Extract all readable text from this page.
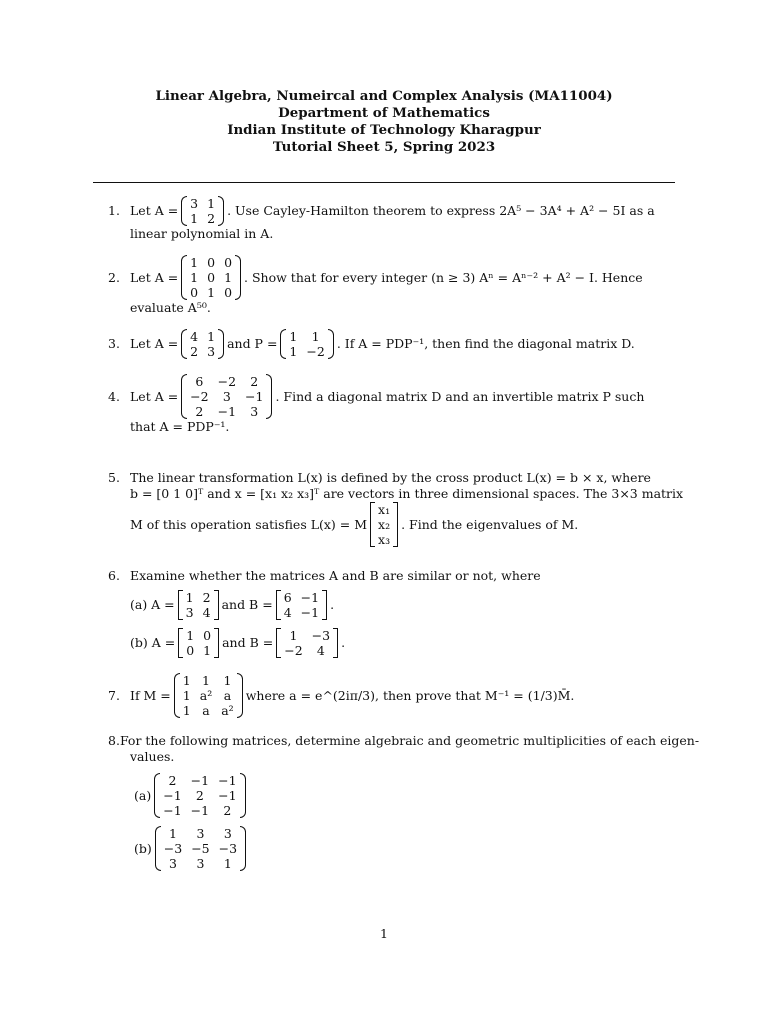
Linear Algebra, Numeircal and Complex Analysis (MA11004)
Department of Mathematics
Indian Institute of Technology Kharagpur
Tutorial Sheet 5, Spring 2023
1. Let A = 3 1
1 2
. Use Cayley-Hamilton theorem to express 2A⁵ − 3A⁴ + A² − 5I as a
linear polynomial in A.
2. Let A =
1 0 0
1 0 1
0 1 0
. Show that for every integer (n ≥ 3) Aⁿ = Aⁿ⁻² + A² − I. Hence
evaluate A⁵⁰.
3. Let A = 4 1
2 3
and P = 1	1
1 −2
. If A = PDP⁻¹, then find the diagonal matrix D.
4. Let A =
6	−2	2
−2	3	−1
2	−1	3
. Find a diagonal matrix D and an invertible matrix P such
that A = PDP⁻¹.
5. The linear transformation L(x) is defined by the cross product L(x) = b × x, where
b = [0 1 0]ᵀ and x = [x₁ x₂ x₃]ᵀ are vectors in three dimensional spaces. The 3×3 matrix
M of this operation satisfies L(x) = M
x₁
x₂
x₃
. Find the eigenvalues of M.
6. Examine whether the matrices A and B are similar or not, where
(a) A = 1 2
3 4
and B = 6 −1
4 −1
.
(b) A = 1 0
0 1
and B =	1	−3
−2	4
.
7. If M =
1 1 1
1 a² a
1 a a²
where a = e^(2iπ/3), then prove that M⁻¹ = (1/3)M̄.
8. For the following matrices, determine algebraic and geometric multiplicities of each eigen-
values.
(a)
2	−1 −1
−1	2	−1
−1 −1	2
(b)
1	3	3
−3 −5 −3
3	3	1
1
